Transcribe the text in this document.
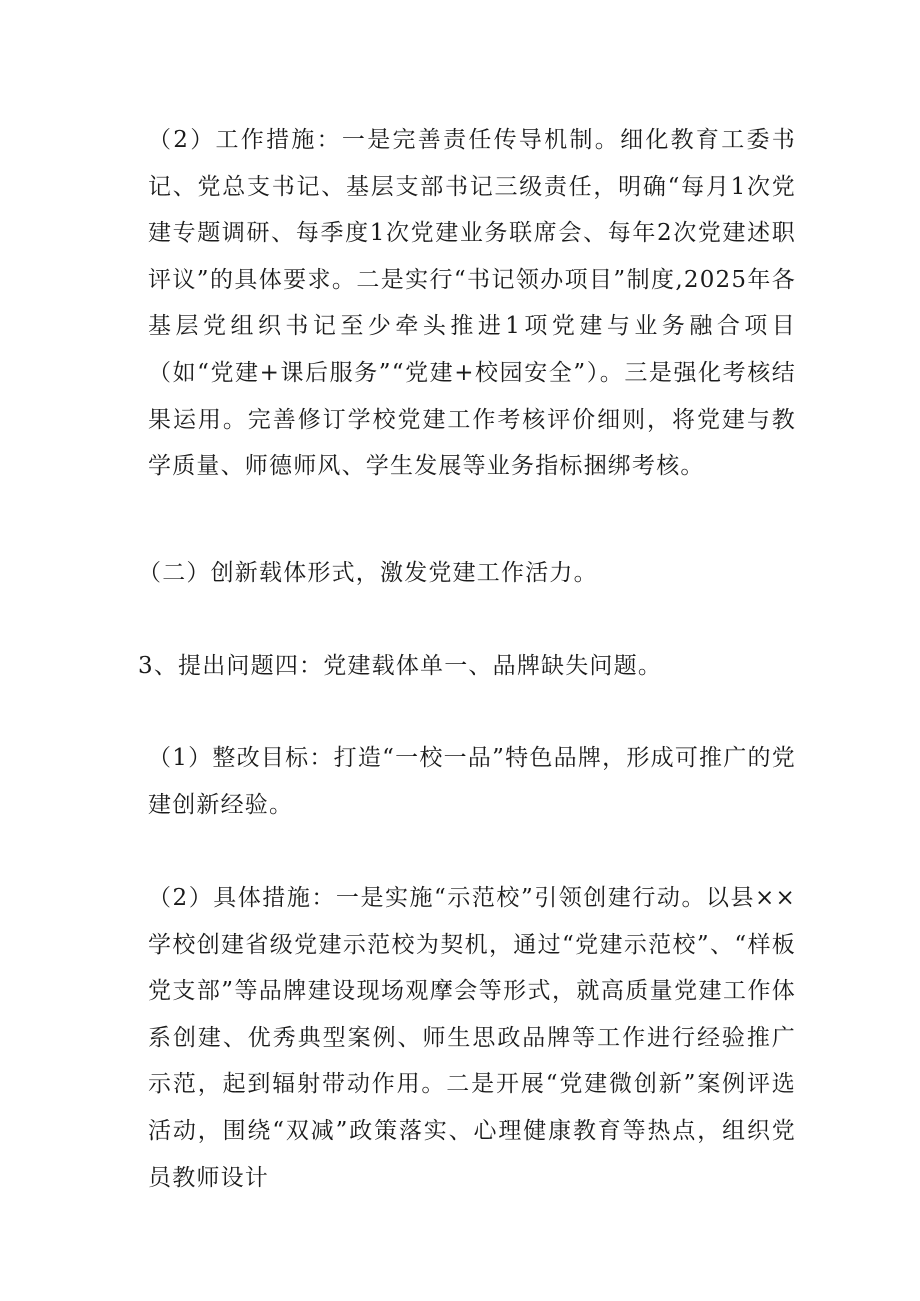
（2）工作措施：一是完善责任传导机制。细化教育工委书记、党总支书记、基层支部书记三级责任，明确“每月1次党建专题调研、每季度1次党建业务联席会、每年2次党建述职评议”的具体要求。二是实行“书记领办项目”制度,2025年各基层党组织书记至少牵头推进1项党建与业务融合项目（如“党建+课后服务”“党建+校园安全”）。三是强化考核结果运用。完善修订学校党建工作考核评价细则，将党建与教学质量、师德师风、学生发展等业务指标捆绑考核。

（二）创新载体形式，激发党建工作活力。

3、提出问题四：党建载体单一、品牌缺失问题。

（1）整改目标：打造“一校一品”特色品牌，形成可推广的党建创新经验。

（2）具体措施：一是实施“示范校”引领创建行动。以县××学校创建省级党建示范校为契机，通过“党建示范校”、“样板党支部”等品牌建设现场观摩会等形式，就高质量党建工作体系创建、优秀典型案例、师生思政品牌等工作进行经验推广示范，起到辐射带动作用。二是开展“党建微创新”案例评选活动，围绕“双减”政策落实、心理健康教育等热点，组织党员教师设计
